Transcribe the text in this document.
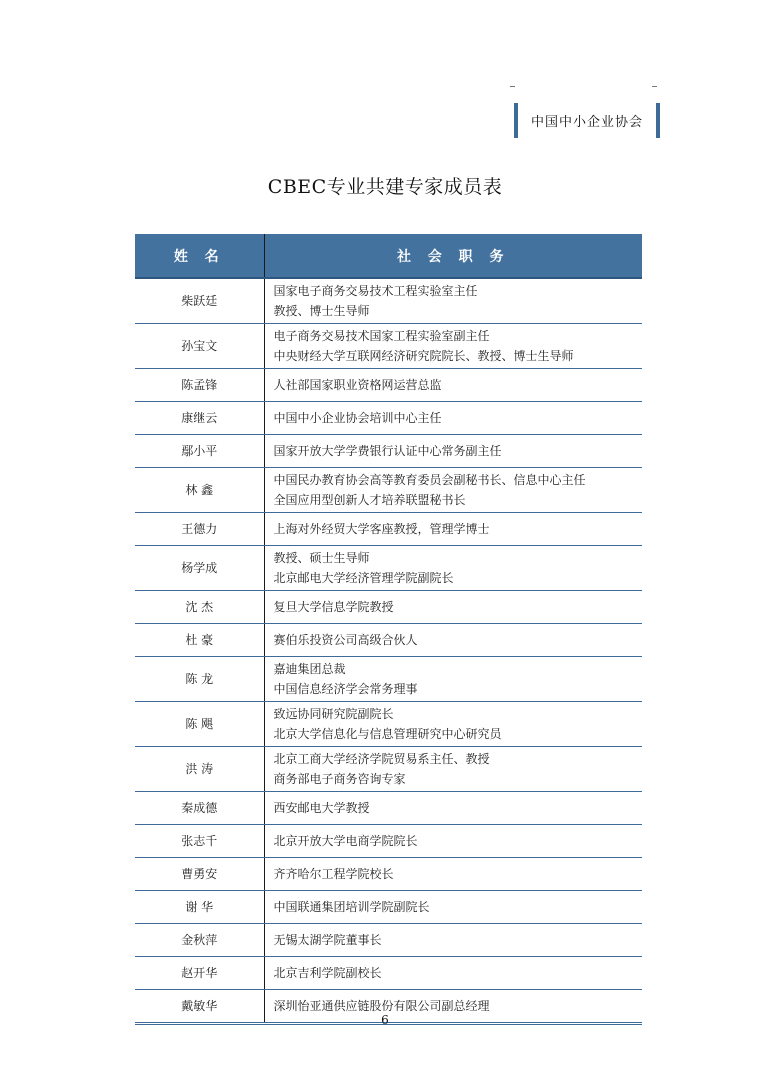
中国中小企业协会
CBEC专业共建专家成员表
姓 名	社 会 职 务
柴跃廷	国家电子商务交易技术工程实验室主任
教授、博士生导师

孙宝文	电子商务交易技术国家工程实验室副主任
中央财经大学互联网经济研究院院长、教授、博士生导师

陈孟锋	人社部国家职业资格网运营总监

康继云	中国中小企业协会培训中心主任

鄢小平	国家开放大学学费银行认证中心常务副主任

林 鑫	中国民办教育协会高等教育委员会副秘书长、信息中心主任
全国应用型创新人才培养联盟秘书长

王德力	上海对外经贸大学客座教授，管理学博士

杨学成	教授、硕士生导师
北京邮电大学经济管理学院副院长

沈 杰	复旦大学信息学院教授

杜 豪	赛伯乐投资公司高级合伙人

陈 龙	嘉迪集团总裁
中国信息经济学会常务理事

陈 飓	致远协同研究院副院长
北京大学信息化与信息管理研究中心研究员

洪 涛	北京工商大学经济学院贸易系主任、教授
商务部电子商务咨询专家

秦成德	西安邮电大学教授

张志千	北京开放大学电商学院院长

曹勇安	齐齐哈尔工程学院校长

谢 华	中国联通集团培训学院副院长

金秋萍	无锡太湖学院董事长

赵开华	北京吉利学院副校长

戴敏华	深圳怡亚通供应链股份有限公司副总经理
6
